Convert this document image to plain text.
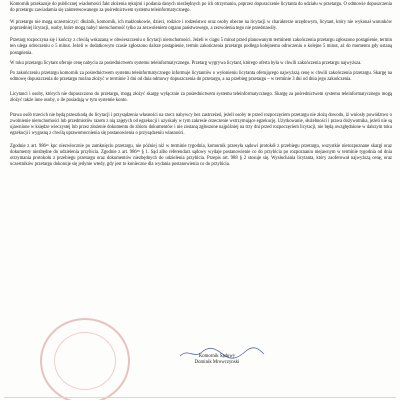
Komornik przekazuje do publicznej wiadomości fakt złożenia rękojmi i podania danych niezbędnych po ich otrzymaniu, poprzez dopuszczenie licytanta do udziału w przetargu. O odmowie dopuszczenia do przetargu zawiadamia się zainteresowanego za pośrednictwem systemu teleinformatycznego.

W przetargu nie mogą uczestniczyć: dłużnik, komornik, ich małżonkowie, dzieci, rodzice i rodzeństwo oraz osoby obecne na licytacji w charakterze urzędowym, licytant, który nie wykonał warunków poprzedniej licytacji, osoby, które mogą nabyć nieruchomość tylko za zezwoleniem organu państwowego, a zezwolenia tego nie przedstawiły.

Przetarg rozpoczyna się i kończy z chwilą wskazaną w obwieszczeniu o licytacji nieruchomości. Jeżeli w ciągu 5 minut przed planowanym terminem zakończenia przetargu zgłoszono postąpienie, termin ten ulega odroczeniu o 5 minut. Jeżeli w dodatkowym czasie zgłoszono dalsze postąpienie, termin zakończenia przetargu podlega kolejnemu odroczeniu o kolejne 5 minut, aż do momentu gdy ustaną postąpienia.

W toku przetargu licytant oferuje cenę nabycia za pośrednictwem systemu teleinformatycznego. Przetarg wygrywa licytant, którego oferta była w chwili zakończenia przetargu najwyższa.

Po zakończeniu przetargu komornik za pośrednictwem systemu teleinformatycznego informuje licytantów o wyłonieniu licytanta oferującego najwyższą cenę w chwili zakończenia przetargu. Skargę na odmowę dopuszczenia do przetargu można złożyć w terminie 3 dni od dnia odmowy dopuszczenia do przetargu, a na przebieg przetargu – w terminie 3 dni od dnia jego zakończenia.

Licytanci i osoby, których nie dopuszczono do przetargu, mogą złożyć skargę wyłącznie za pośrednictwem systemu teleinformatycznego. Skargę za pośrednictwem systemu teleinformatycznego mogą złożyć także inne osoby, o ile posiadają w tym systemie konto.

Prawa osób trzecich nie będą przeszkodą do licytacji i przysądzenia własności na rzecz nabywcy bez zastrzeżeń, jeżeli osoby te przed rozpoczęciem przetargu nie złożą dowodu, iż wniosły powództwo o zwolnienie nieruchomości lub przedmiotów razem z nią zajętych od egzekucji i uzyskały w tym zakresie orzeczenie wstrzymujące egzekucję. Użytkowanie, służebności i prawa dożywotnika, jeżeli nie są ujawnione w księdze wieczystej lub przez złożenie dokumentu do zbioru dokumentów i nie zostaną zgłoszone najpóźniej na trzy dni przed rozpoczęciem licytacji, nie będą uwzględnione w dalszym toku egzekucji i wygasną z chwilą uprawomocnienia się postanowienia o przysądzeniu własności.

Zgodnie z art. 986¹⁶ kpc niezwłocznie po zamknięciu przetargu, nie później niż w terminie tygodnia, komornik przesyła sądowi protokół z przebiegu przetargu, wszystkie nierozpoznane skargi oraz dokumenty niezbędne do udzielenia przybicia. Zgodnie z art. 986¹⁹ § 1. Sąd albo referendarz sądowy wydaje postanowienie co do przybicia po rozpoznaniu niejawnym w terminie tygodnia od dnia otrzymania protokołu z przebiegu przetargu oraz dokumentów niezbędnych do udzielenia przybicia. Przepis art. 988 § 2 stosuje się. Wysłuchania licytanta, który zaoferował najwyższą cenę, oraz uczestników przetargu dokonuje się jedynie wtedy, gdy jest to konieczne dla wydania postanowienia co do przybicia.

Komornik Sądowy
Dominik Mrowczynski
